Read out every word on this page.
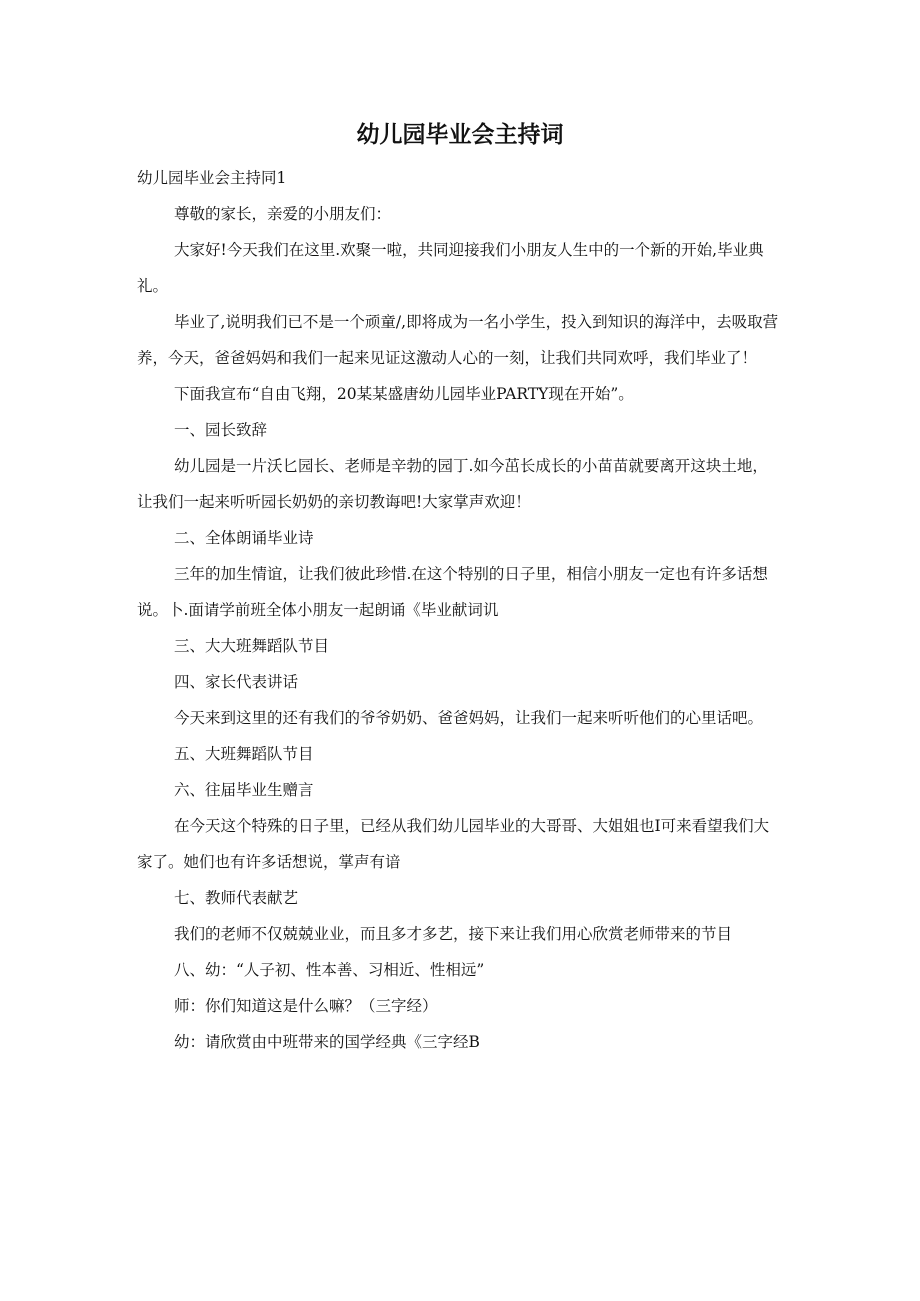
幼儿园毕业会主持词

幼儿园毕业会主持同1

尊敬的家长，亲爱的小朋友们：

大家好!今天我们在这里.欢聚一啦，共同迎接我们小朋友人生中的一个新的开始,毕业典礼。

毕业了,说明我们已不是一个顽童/,即将成为一名小学生，投入到知识的海洋中，去吸取营养，今天，爸爸妈妈和我们一起来见证这激动人心的一刻，让我们共同欢呼，我们毕业了！

下面我宣布“自由飞翔，20某某盛唐幼儿园毕业PARTY现在开始”。

一、园长致辞

幼儿园是一片沃匕园长、老师是辛勃的园丁.如今茁长成长的小苗苗就要离开这块土地，让我们一起来听听园长奶奶的亲切教诲吧!大家掌声欢迎！

二、全体朗诵毕业诗

三年的加生情谊，让我们彼此珍惜.在这个特别的日子里，相信小朋友一定也有许多话想说。卜.面请学前班全体小朋友一起朗诵《毕业献词讥

三、大大班舞蹈队节目

四、家长代表讲话

今天来到这里的还有我们的爷爷奶奶、爸爸妈妈，让我们一起来听听他们的心里话吧。

五、大班舞蹈队节目

六、往届毕业生赠言

在今天这个特殊的日子里，已经从我们幼儿园毕业的大哥哥、大姐姐也I可来看望我们大家了。她们也有许多话想说，掌声有谙

七、教师代表献艺

我们的老师不仅兢兢业业，而且多才多艺，接下来让我们用心欣赏老师带来的节目

八、幼：“人子初、性本善、习相近、性相远”

师：你们知道这是什么嘛？（三字经）

幼：请欣赏由中班带来的国学经典《三字经B
